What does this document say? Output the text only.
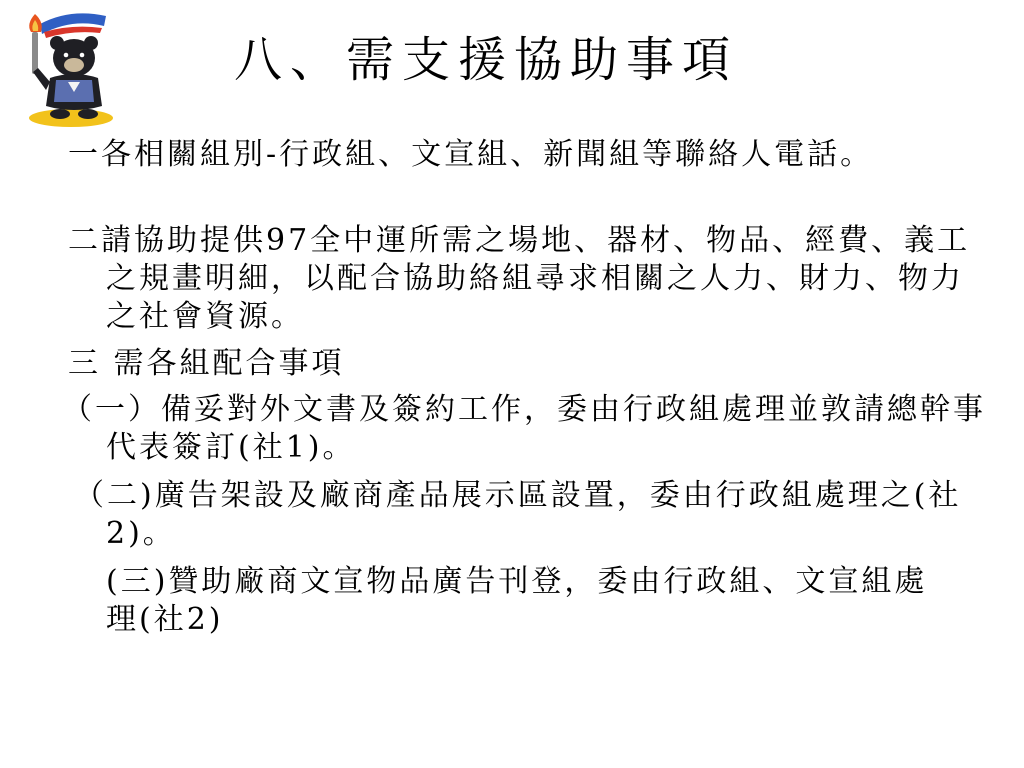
八、需支援協助事項

一各相關組別-行政組、文宣組、新聞組等聯絡人電話。

二請協助提供97全中運所需之場地、器材、物品、經費、義工之規畫明細，以配合協助絡組尋求相關之人力、財力、物力之社會資源。

三 需各組配合事項

（一）備妥對外文書及簽約工作，委由行政組處理並敦請總幹事代表簽訂(社1)。

（二)廣告架設及廠商產品展示區設置，委由行政組處理之(社2)。

(三)贊助廠商文宣物品廣告刊登，委由行政組、文宣組處理(社2)
